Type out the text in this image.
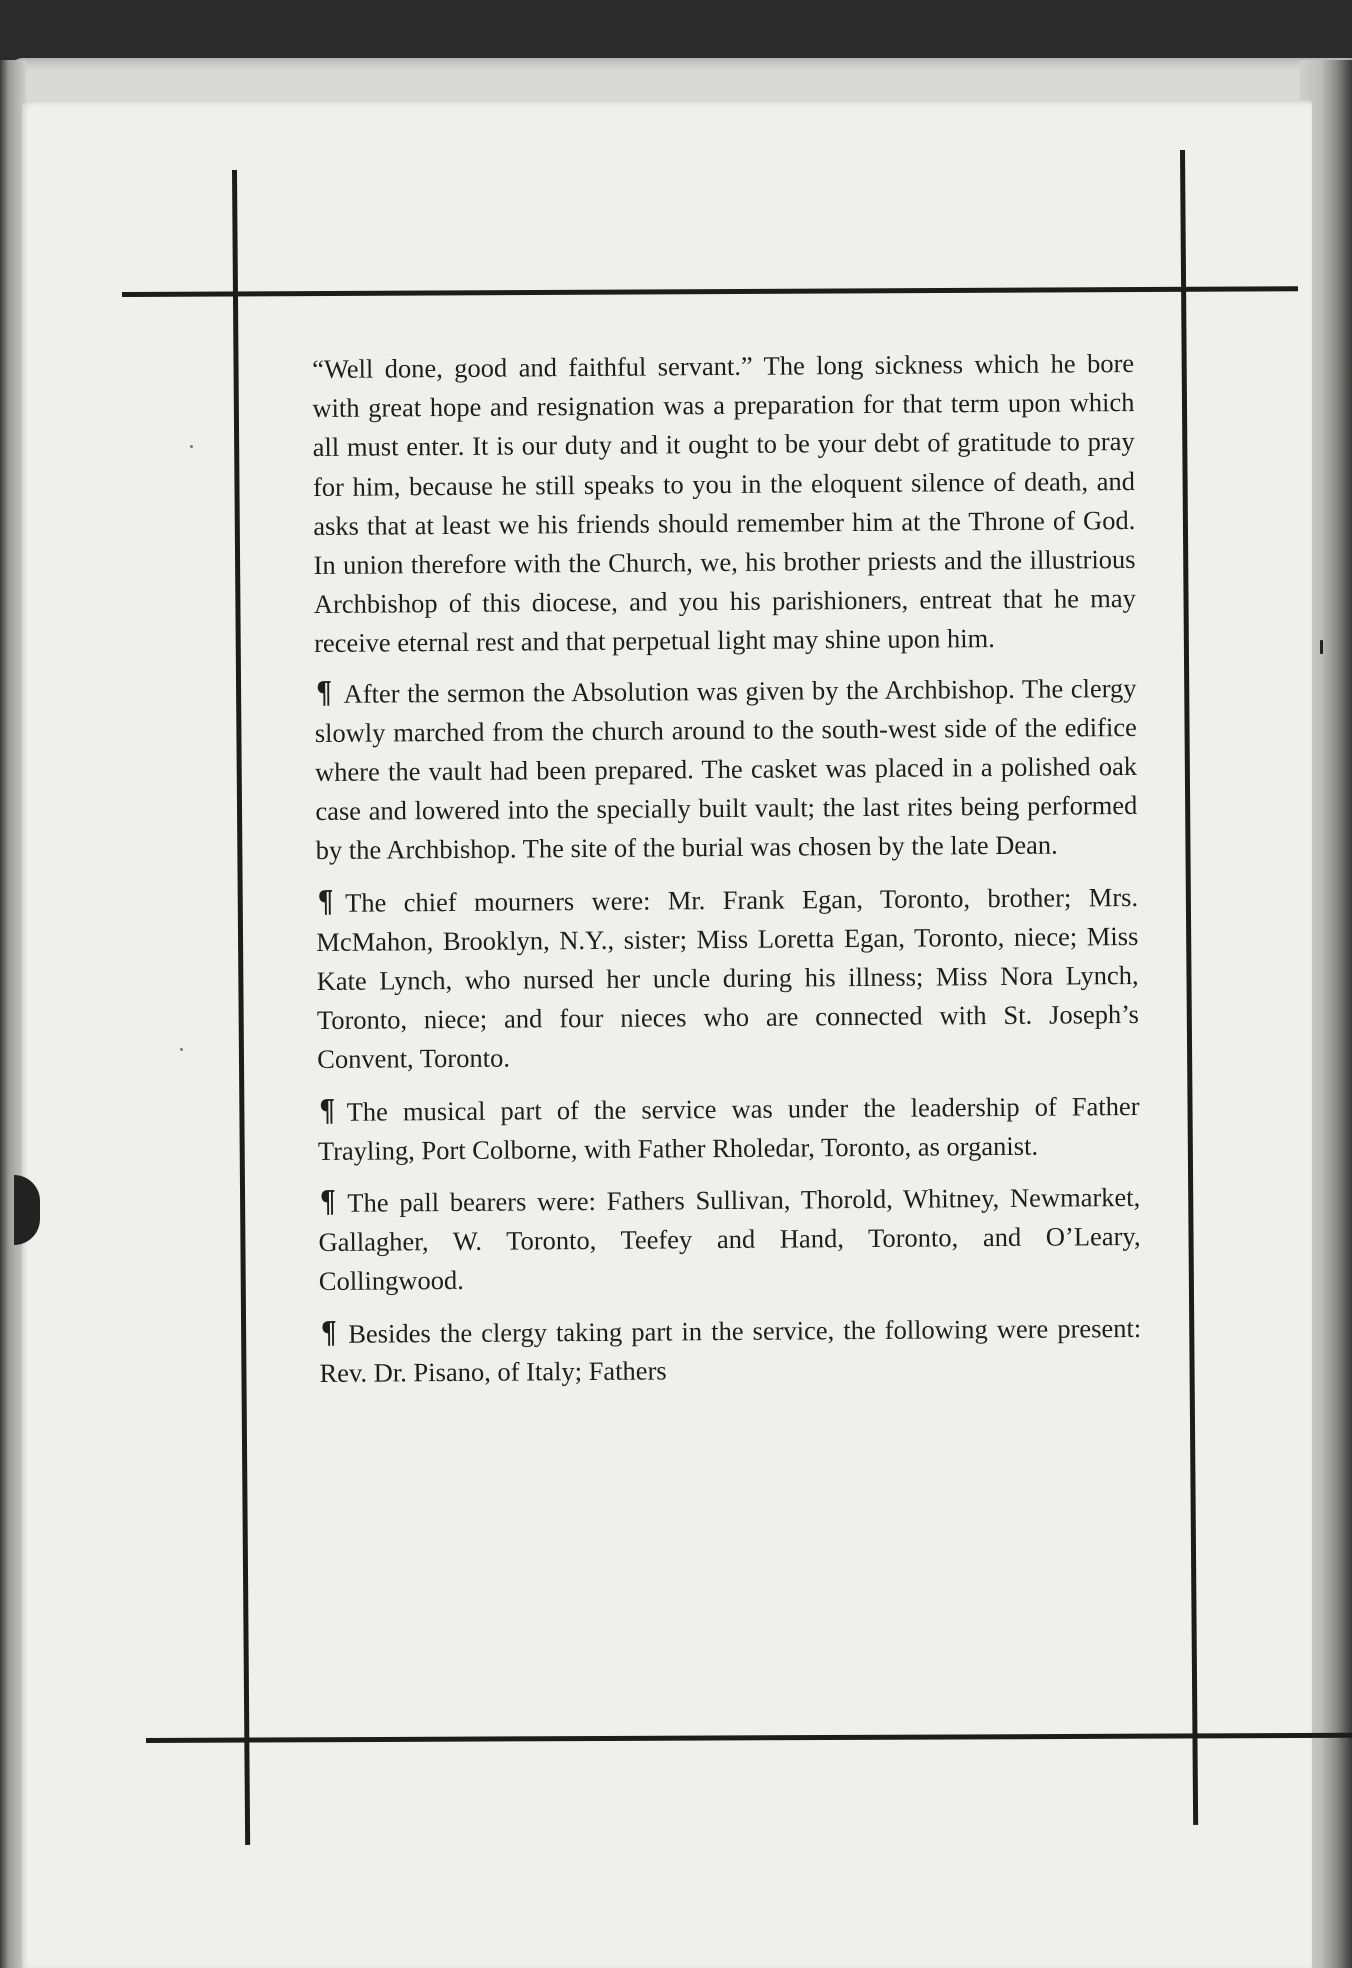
“Well done, good and faithful servant.” The long sickness which he bore with great hope and resignation was a preparation for that term upon which all must enter. It is our duty and it ought to be your debt of gratitude to pray for him, because he still speaks to you in the eloquent silence of death, and asks that at least we his friends should remember him at the Throne of God. In union therefore with the Church, we, his brother priests and the illustrious Archbishop of this diocese, and you his parishioners, entreat that he may receive eternal rest and that perpetual light may shine upon him.

¶ After the sermon the Absolution was given by the Archbishop. The clergy slowly marched from the church around to the south-west side of the edifice where the vault had been prepared. The casket was placed in a polished oak case and lowered into the specially built vault; the last rites being performed by the Archbishop. The site of the burial was chosen by the late Dean.

¶ The chief mourners were: Mr. Frank Egan, Toronto, brother; Mrs. McMahon, Brooklyn, N.Y., sister; Miss Loretta Egan, Toronto, niece; Miss Kate Lynch, who nursed her uncle during his illness; Miss Nora Lynch, Toronto, niece; and four nieces who are connected with St. Joseph’s Convent, Toronto.

¶ The musical part of the service was under the leadership of Father Trayling, Port Colborne, with Father Rholedar, Toronto, as organist.

¶ The pall bearers were: Fathers Sullivan, Thorold, Whitney, Newmarket, Gallagher, W. Toronto, Teefey and Hand, Toronto, and O’Leary, Collingwood.

¶ Besides the clergy taking part in the service, the following were present: Rev. Dr. Pisano, of Italy; Fathers
